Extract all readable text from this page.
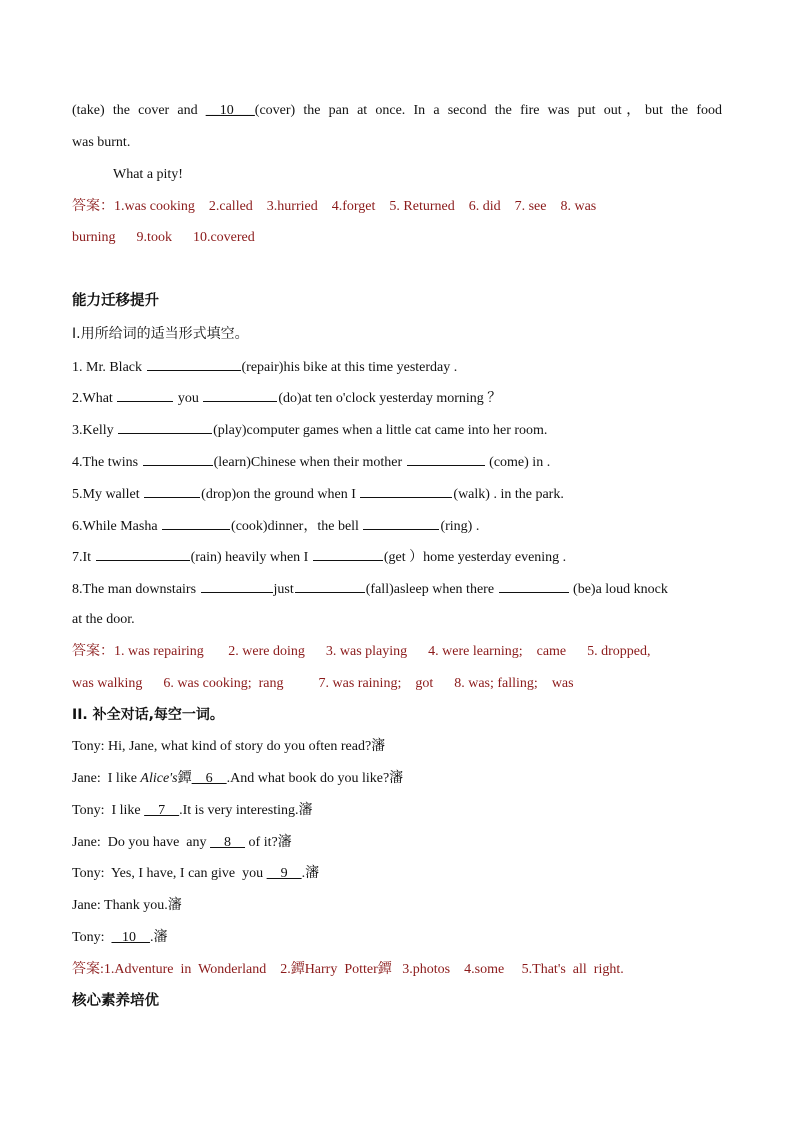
(take) the cover and __10___(cover) the pan at once. In a second the fire was put out，but the food
was burnt.
What a pity!
答案：1.was cooking    2.called    3.hurried    4.forget    5. Returned    6. did    7. see    8. was
burning      9.took      10.covered
能力迁移提升
I.用所给词的适当形式填空。
1. Mr. Black	(repair)his bike at this time yesterday .
2.What	you	(do)at ten o'clock yesterday morning ？
3.Kelly	(play)computer games when a little cat came into her room.
4.The twins	(learn)Chinese when their mother	(come) in .
5.My wallet	(drop)on the ground when I	(walk) . in the park.
6.While Masha	(cook)dinner，the bell	(ring) .
7.It	(rain) heavily when I	(get ）home yesterday evening .
8.The man downstairs	just	(fall)asleep when there	(be)a loud knock
at the door.
答案：1. was repairing       2. were doing      3. was playing      4. were learning;    came      5. dropped,
was walking      6. was cooking;  rang          7. was raining;    got      8. was; falling;    was
II. 补全对话,每空一词。
Tony: Hi, Jane, what kind of story do you often read?瀋
Jane:  I like Alice's鐔    6    .And what book do you like?瀋
Tony:  I like     7    .It is very interesting.瀋
Jane:  Do you have  any     8     of it?瀋
Tony:  Yes, I have, I can give  you     9    .瀋
Jane: Thank you.瀋
Tony:     10    .瀋
答案:1.Adventure  in  Wonderland    2.鐔Harry  Potter鐔   3.photos    4.some     5.That's  all  right.
核心素养培优
